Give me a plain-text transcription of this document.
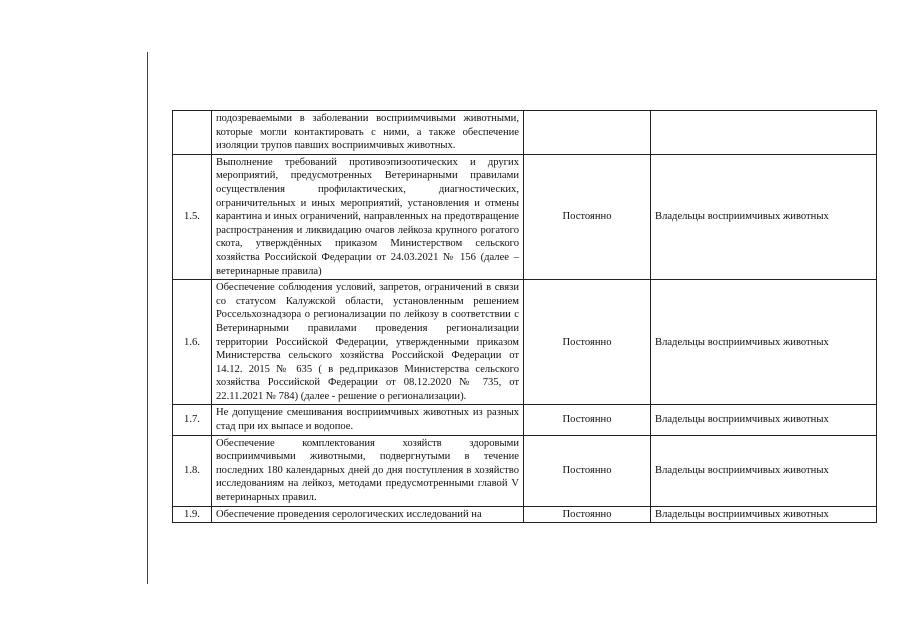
	подозреваемыми в заболевании восприимчивыми животными, которые могли контактировать с ними, а также обеспечение изоляции трупов павших восприимчивых животных.		
1.5.	Выполнение требований противоэпизоотических и других мероприятий, предусмотренных Ветеринарными правилами осуществления профилактических, диагностических, ограничительных и иных мероприятий, установления и отмены карантина и иных ограничений, направленных на предотвращение распространения и ликвидацию очагов лейкоза крупного рогатого скота, утверждённых приказом Министерством сельского хозяйства Российской Федерации от 24.03.2021 № 156 (далее – ветеринарные правила)	Постоянно	Владельцы восприимчивых животных
1.6.	Обеспечение соблюдения условий, запретов, ограничений в связи со статусом Калужской области, установленным решением Россельхознадзора о регионализации по лейкозу в соответствии с Ветеринарными правилами проведения регионализации территории Российской Федерации, утвержденными приказом Министерства сельского хозяйства Российской Федерации от 14.12. 2015 № 635 ( в ред.приказов Министерства сельского хозяйства Российской Федерации от 08.12.2020 № 735, от 22.11.2021 № 784) (далее - решение о регионализации).	Постоянно	Владельцы восприимчивых животных
1.7.	Не допущение смешивания восприимчивых животных из разных стад при их выпасе и водопое.	Постоянно	Владельцы восприимчивых животных
1.8.	Обеспечение комплектования хозяйств здоровыми восприимчивыми животными, подвергнутыми в течение последних 180 календарных дней до дня поступления в хозяйство исследованиям на лейкоз, методами предусмотренными главой V ветеринарных правил.	Постоянно	Владельцы восприимчивых животных
1.9.	Обеспечение проведения серологических исследований на	Постоянно	Владельцы восприимчивых животных
